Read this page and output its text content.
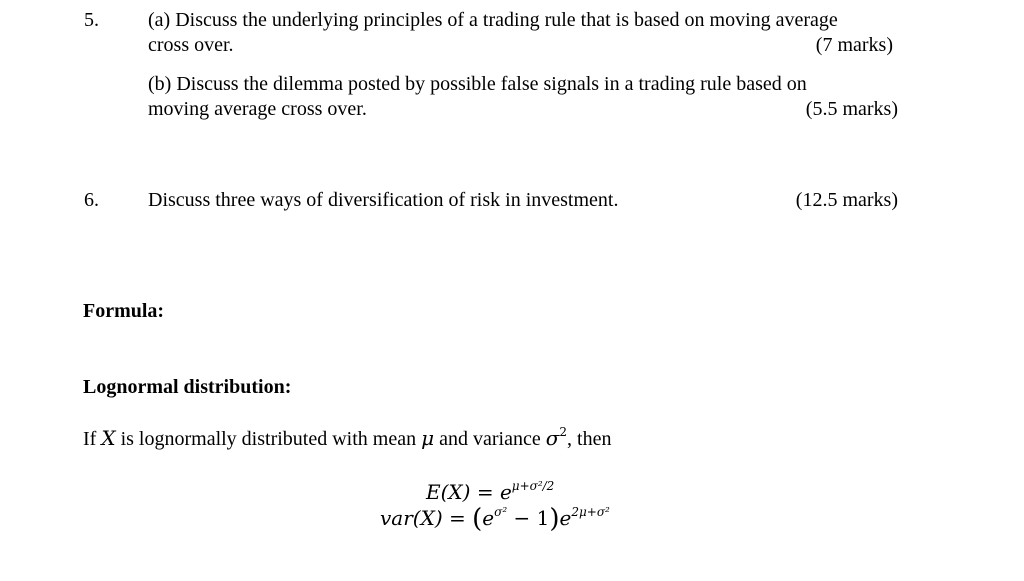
5. (a) Discuss the underlying principles of a trading rule that is based on moving average
cross over.	(7 marks)
(b) Discuss the dilemma posted by possible false signals in a trading rule based on
moving average cross over.	(5.5 marks)
6. Discuss three ways of diversification of risk in investment.	(12.5 marks)
Formula:
Lognormal distribution:
If X is lognormally distributed with mean μ and variance $\sigma^2$, then
$E(X) = e^{\mu+\sigma^2/2}$
$var(X) = (e^{\sigma^2} - 1)e^{2\mu+\sigma^2}$
